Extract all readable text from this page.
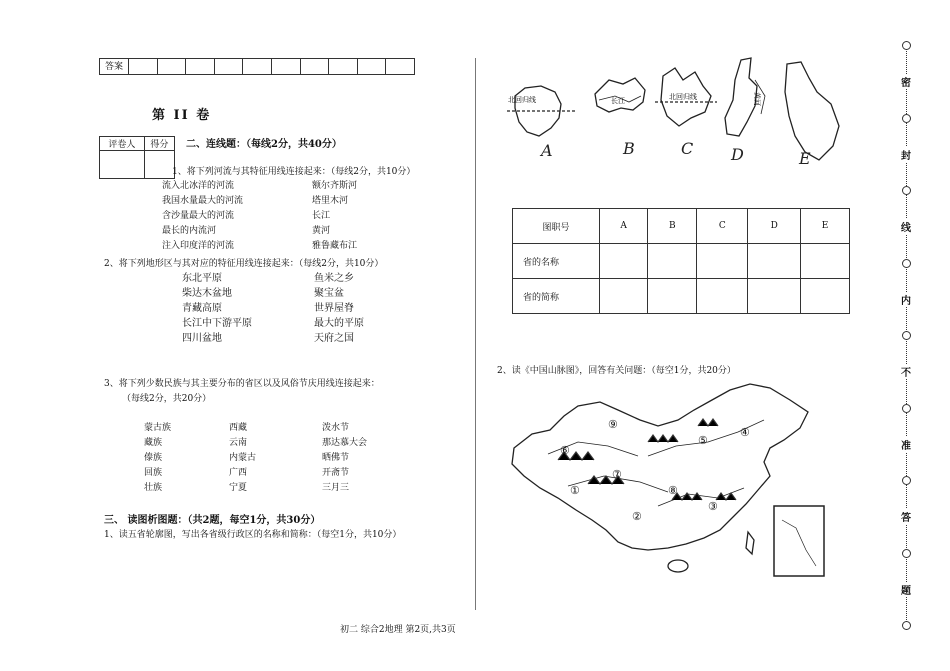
答案										
第 II 卷
评卷人	得分
	二、连线题：（每线2分，共40分）
1、将下列河流与其特征用线连接起来：（每线2分，共10分）
流入北冰洋的河流
我国水量最大的河流
含沙量最大的河流
最长的内流河
注入印度洋的河流
额尔齐斯河
塔里木河
长江
黄河
雅鲁藏布江
2、将下列地形区与其对应的特征用线连接起来：（每线2分，共10分）
东北平原
柴达木盆地
青藏高原
长江中下游平原
四川盆地
鱼米之乡
聚宝盆
世界屋脊
最大的平原
天府之国
3、将下列少数民族与其主要分布的省区以及风俗节庆用线连接起来：
（每线2分，共20分）
蒙古族
藏族
傣族
回族
壮族
西藏
云南
内蒙古
广西
宁夏
泼水节
那达慕大会
晒佛节
开斋节
三月三
三、 读图析图题：（共2题，每空1分，共30分）
1、读五省轮廓图，写出各省级行政区的名称和简称：（每空1分，共10分）
北回归线	长江	北回归线	黄河
A	B	C D	E
图职号	A	B	C	D	E
省的名称					
省的简称					
2、读《中国山脉图》，回答有关问题：（每空1分，共20分）
①
②
③
④
⑤
⑥
⑦
⑧
⑨
初二 综合2地理 第2页,共3页
密
封
线
内
不
准
答
题
